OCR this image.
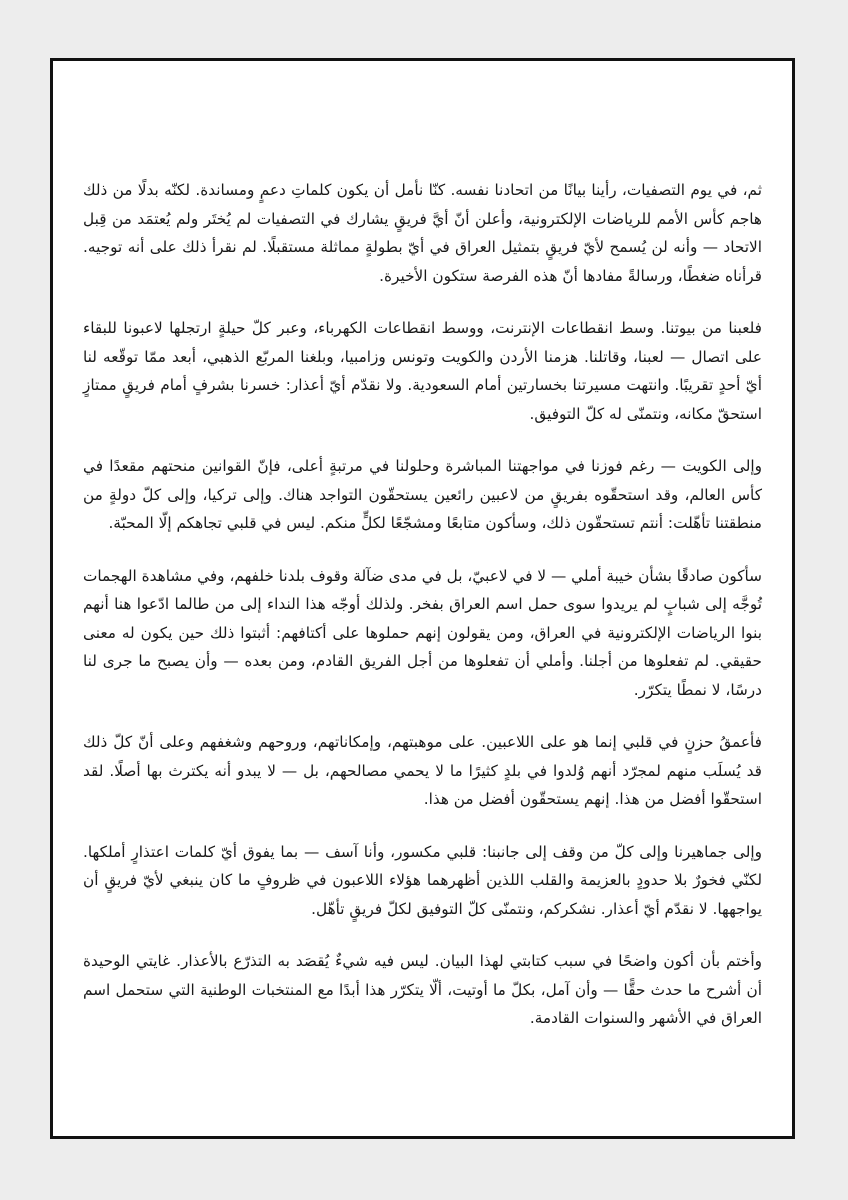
ثم، في يوم التصفيات، رأينا بيانًا من اتحادنا نفسه. كنّا نأمل أن يكون كلماتِ دعمٍ ومساندة. لكنّه بدلًا من ذلك هاجم كأس الأمم للرياضات الإلكترونية، وأعلن أنّ أيَّ فريقٍ يشارك في التصفيات لم يُختَر ولم يُعتمَد من قِبل الاتحاد — وأنه لن يُسمح لأيّ فريقٍ بتمثيل العراق في أيّ بطولةٍ مماثلة مستقبلًا. لم نقرأ ذلك على أنه توجيه. قرأناه ضغطًا، ورسالةً مفادها أنّ هذه الفرصة ستكون الأخيرة.

فلعبنا من بيوتنا. وسط انقطاعات الإنترنت، ووسط انقطاعات الكهرباء، وعبر كلّ حيلةٍ ارتجلها لاعبونا للبقاء على اتصال — لعبنا، وقاتلنا. هزمنا الأردن والكويت وتونس وزامبيا، وبلغنا المربّع الذهبي، أبعد ممّا توقّعه لنا أيّ أحدٍ تقريبًا. وانتهت مسيرتنا بخسارتين أمام السعودية. ولا نقدّم أيّ أعذار: خسرنا بشرفٍ أمام فريقٍ ممتازٍ استحقّ مكانه، ونتمنّى له كلّ التوفيق.

وإلى الكويت — رغم فوزنا في مواجهتنا المباشرة وحلولنا في مرتبةٍ أعلى، فإنّ القوانين منحتهم مقعدًا في كأس العالم، وقد استحقّوه بفريقٍ من لاعبين رائعين يستحقّون التواجد هناك. وإلى تركيا، وإلى كلّ دولةٍ من منطقتنا تأهّلت: أنتم تستحقّون ذلك، وسأكون متابعًا ومشجّعًا لكلٍّ منكم. ليس في قلبي تجاهكم إلّا المحبّة.

سأكون صادقًا بشأن خيبة أملي — لا في لاعبيّ، بل في مدى ضآلة وقوف بلدنا خلفهم، وفي مشاهدة الهجمات تُوجَّه إلى شبابٍ لم يريدوا سوى حمل اسم العراق بفخر. ولذلك أوجّه هذا النداء إلى من طالما ادّعوا هنا أنهم بنوا الرياضات الإلكترونية في العراق، ومن يقولون إنهم حملوها على أكتافهم: أثبتوا ذلك حين يكون له معنى حقيقي. لم تفعلوها من أجلنا. وأملي أن تفعلوها من أجل الفريق القادم، ومن بعده — وأن يصبح ما جرى لنا درسًا، لا نمطًا يتكرّر.

فأعمقُ حزنٍ في قلبي إنما هو على اللاعبين. على موهبتهم، وإمكاناتهم، وروحهم وشغفهم وعلى أنّ كلّ ذلك قد يُسلَب منهم لمجرّد أنهم وُلدوا في بلدٍ كثيرًا ما لا يحمي مصالحهم، بل — لا يبدو أنه يكترث بها أصلًا. لقد استحقّوا أفضل من هذا. إنهم يستحقّون أفضل من هذا.

وإلى جماهيرنا وإلى كلّ من وقف إلى جانبنا: قلبي مكسور، وأنا آسف — بما يفوق أيّ كلمات اعتذارٍ أملكها. لكنّي فخورٌ بلا حدودٍ بالعزيمة والقلب اللذين أظهرهما هؤلاء اللاعبون في ظروفٍ ما كان ينبغي لأيّ فريقٍ أن يواجهها. لا نقدّم أيّ أعذار. نشكركم، ونتمنّى كلّ التوفيق لكلّ فريقٍ تأهّل.

وأختم بأن أكون واضحًا في سبب كتابتي لهذا البيان. ليس فيه شيءٌ يُقصَد به التذرّع بالأعذار. غايتي الوحيدة أن أشرح ما حدث حقًّا — وأن آمل، بكلّ ما أوتيت، ألّا يتكرّر هذا أبدًا مع المنتخبات الوطنية التي ستحمل اسم العراق في الأشهر والسنوات القادمة.
